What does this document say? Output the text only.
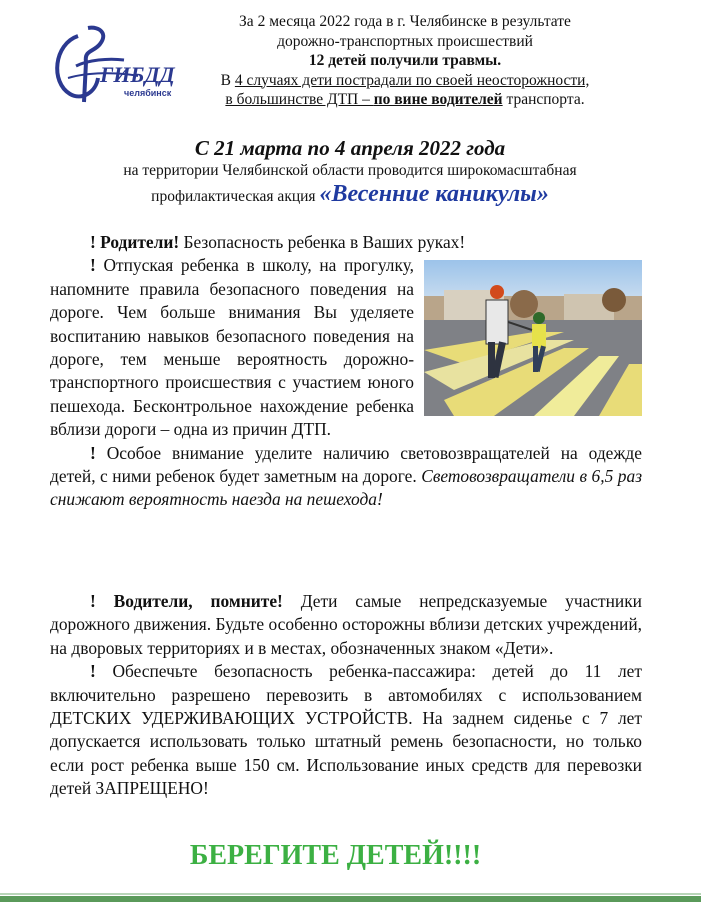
ГИБДД
челябинск
За 2 месяца 2022 года в г. Челябинске в результате
дорожно-транспортных происшествий
12 детей получили травмы.
В 4 случаях дети пострадали по своей неосторожности,
в большинстве ДТП – по вине водителей транспорта.
С 21 марта по 4 апреля 2022 года
на территории Челябинской области проводится широкомасштабная
профилактическая акция «Весенние каникулы»

! Родители! Безопасность ребенка в Ваших руках!

! Отпуская ребенка в школу, на прогулку, напомните правила безопасного поведения на дороге. Чем больше внимания Вы уделяете воспитанию навыков безопасного поведения на дороге, тем меньше вероятность дорожно-транспортного происшествия с участием юного пешехода. Бесконтрольное нахождение ребенка вблизи дороги – одна из причин ДТП.

! Особое внимание уделите наличию световозвращателей на одежде детей, с ними ребенок будет заметным на дороге. Световозвращатели в 6,5 раз снижают вероятность наезда на пешехода!

! Водители, помните! Дети самые непредсказуемые участники дорожного движения. Будьте особенно осторожны вблизи детских учреждений, на дворовых территориях и в местах, обозначенных знаком «Дети».

! Обеспечьте безопасность ребенка-пассажира: детей до 11 лет включительно разрешено перевозить в автомобилях с использованием ДЕТСКИХ УДЕРЖИВАЮЩИХ УСТРОЙСТВ. На заднем сиденье с 7 лет допускается использовать только штатный ремень безопасности, но только если рост ребенка выше 150 см. Использование иных средств для перевозки детей ЗАПРЕЩЕНО!

БЕРЕГИТЕ ДЕТЕЙ!!!!
